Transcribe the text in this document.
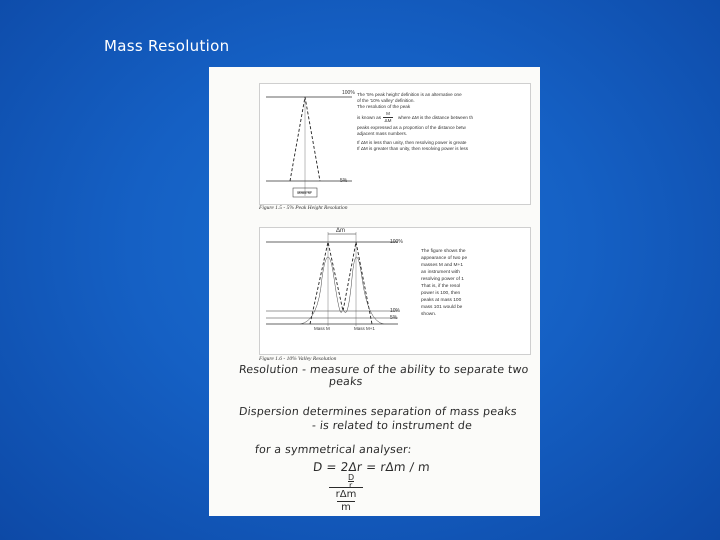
Mass Resolution
100%
5%
Mass M
The '5% peak height' definition is an alternative one
of the '10% valley' definition.
The resolution of the peak
is known as
M
ΔM
where ΔM is the distance between th
peaks expressed as a proportion of the distance betw
adjacent mass numbers.
If ΔM is less than unity, then resolving power is greate
If ΔM is greater than unity, then resolving power is less
Figure 1.5 - 5% Peak Height Resolution
Δm
100%
10%
5%
Mass M	Mass M+1
The figure shows the
appearance of two pe
masses M and M+1
an instrument with
resolving power of 1
That is, if the resol
power is 100, then
peaks at mass 100
mass 101 would be
shown.
Figure 1.6 - 10% Valley Resolution
Resolution - measure of the ability to separate two
peaks
Dispersion determines separation of mass peaks
- is related to instrument de
for a symmetrical analyser:
D = 2Δr = rΔm / m
D
r
rΔm
m
